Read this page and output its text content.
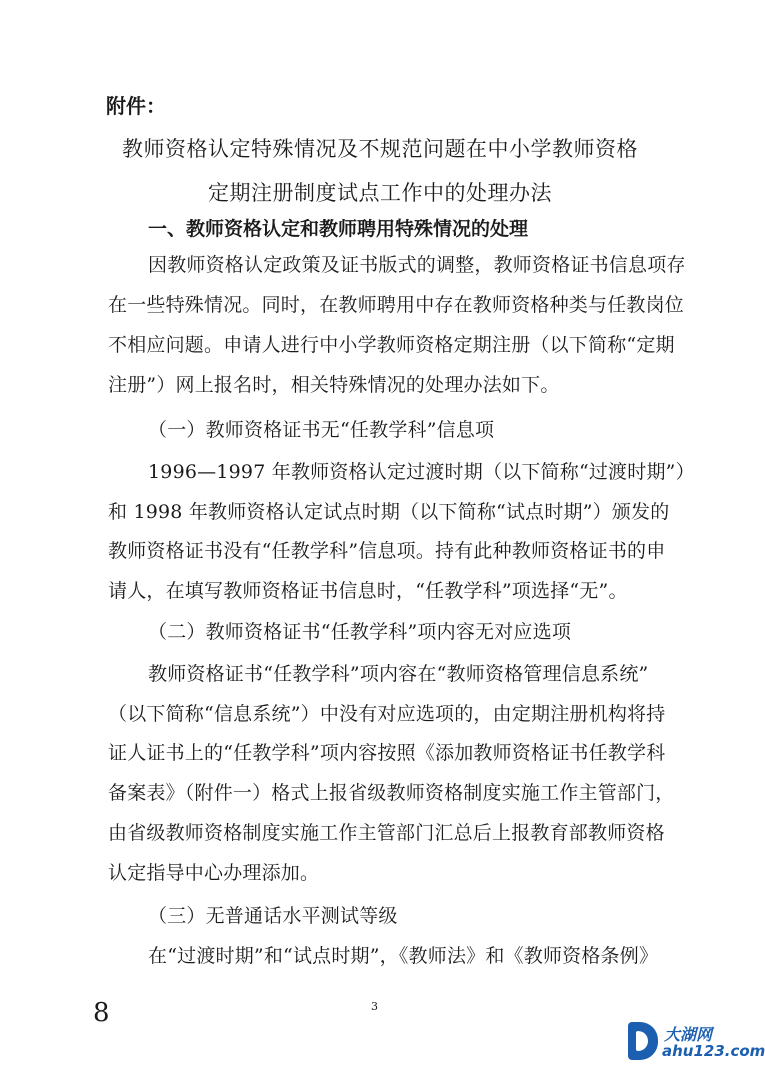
附件：
教师资格认定特殊情况及不规范问题在中小学教师资格
定期注册制度试点工作中的处理办法
一、教师资格认定和教师聘用特殊情况的处理
因教师资格认定政策及证书版式的调整，教师资格证书信息项存
在一些特殊情况。同时，在教师聘用中存在教师资格种类与任教岗位
不相应问题。申请人进行中小学教师资格定期注册（以下简称“定期
注册”）网上报名时，相关特殊情况的处理办法如下。
（一）教师资格证书无“任教学科”信息项
1996—1997 年教师资格认定过渡时期（以下简称“过渡时期”）
和 1998 年教师资格认定试点时期（以下简称“试点时期”）颁发的
教师资格证书没有“任教学科”信息项。持有此种教师资格证书的申
请人，在填写教师资格证书信息时，“任教学科”项选择“无”。
（二）教师资格证书“任教学科”项内容无对应选项
教师资格证书“任教学科”项内容在“教师资格管理信息系统”
（以下简称“信息系统”）中没有对应选项的，由定期注册机构将持
证人证书上的“任教学科”项内容按照《添加教师资格证书任教学科
备案表》（附件一）格式上报省级教师资格制度实施工作主管部门，
由省级教师资格制度实施工作主管部门汇总后上报教育部教师资格
认定指导中心办理添加。
（三）无普通话水平测试等级
在“过渡时期”和“试点时期”，《教师法》和《教师资格条例》
3
8
大湖网
ahu123.com
